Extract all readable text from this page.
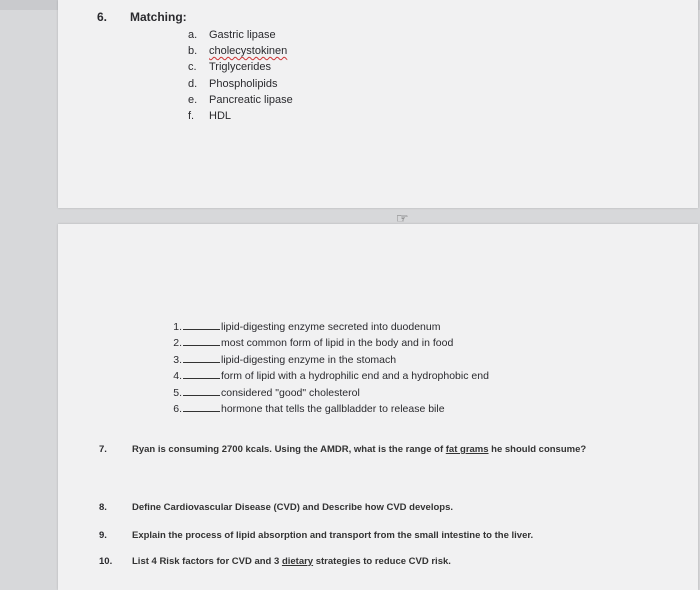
6. Matching:
a.	Gastric lipase
b.	cholecystokinen
c.	Triglycerides
d.	Phospholipids
e.	Pancreatic lipase
f.	HDL
☞
1.	lipid-digesting enzyme secreted into duodenum
2.	most common form of lipid in the body and in food
3.	lipid-digesting enzyme in the stomach
4.	form of lipid with a hydrophilic end and a hydrophobic end
5.	considered "good" cholesterol
6.	hormone that tells the gallbladder to release bile
7.	Ryan is consuming 2700 kcals. Using the AMDR, what is the range of fat grams he should consume?
8.	Define Cardiovascular Disease (CVD) and Describe how CVD develops.
9.	Explain the process of lipid absorption and transport from the small intestine to the liver.
10. List 4 Risk factors for CVD and 3 dietary strategies to reduce CVD risk.
